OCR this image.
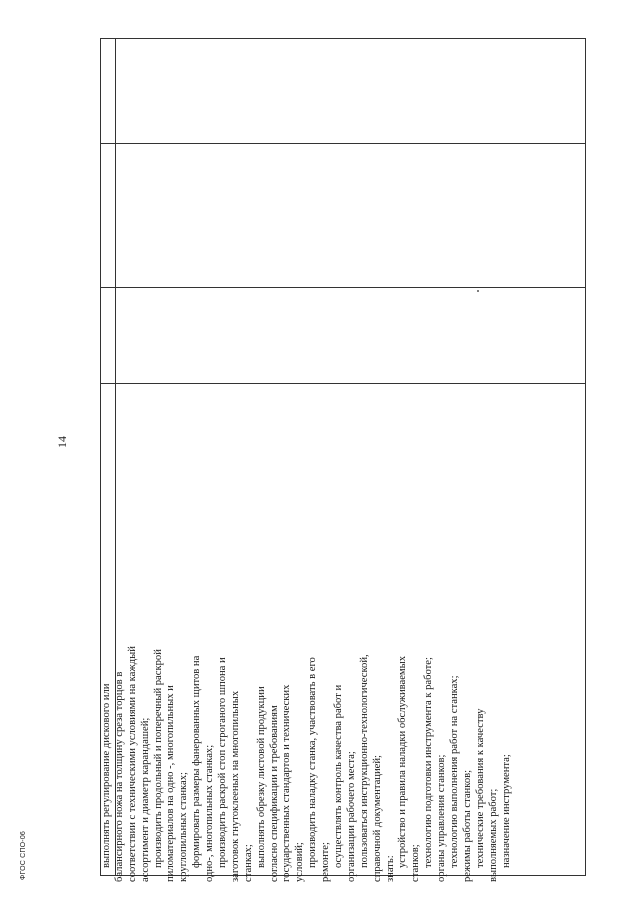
выполнять регулирование дискового или балансирного ножа на толщину среза торцов в соответствии с техническими условиями на каждый ассортимент и диаметр карандашей; производить продольный и поперечный раскрой пиломатериалов на одно -, многопильных и круглопильных станках; формировать размеры фанерованных щитов на одно-, многопильных станках; производить раскрой стоп строганого шпона и заготовок гнутоклееных на многопильных станках; выполнять обрезку листовой продукции согласно спецификации и требованиям государственных стандартов и технических условий; производить наладку станка, участвовать в его ремонте; осуществлять контроль качества работ и организации рабочего места; пользоваться инструкционно-технологической, справочной документацией; знать:
устройство и правила наладки обслуживаемых станков; технологию подготовки инструмента к работе; органы управления станков; технологию выполнения работ на станках; режимы работы станков; технические требования к качеству выполняемых работ; назначение инструмента;
14
ФГОС СПО-06
